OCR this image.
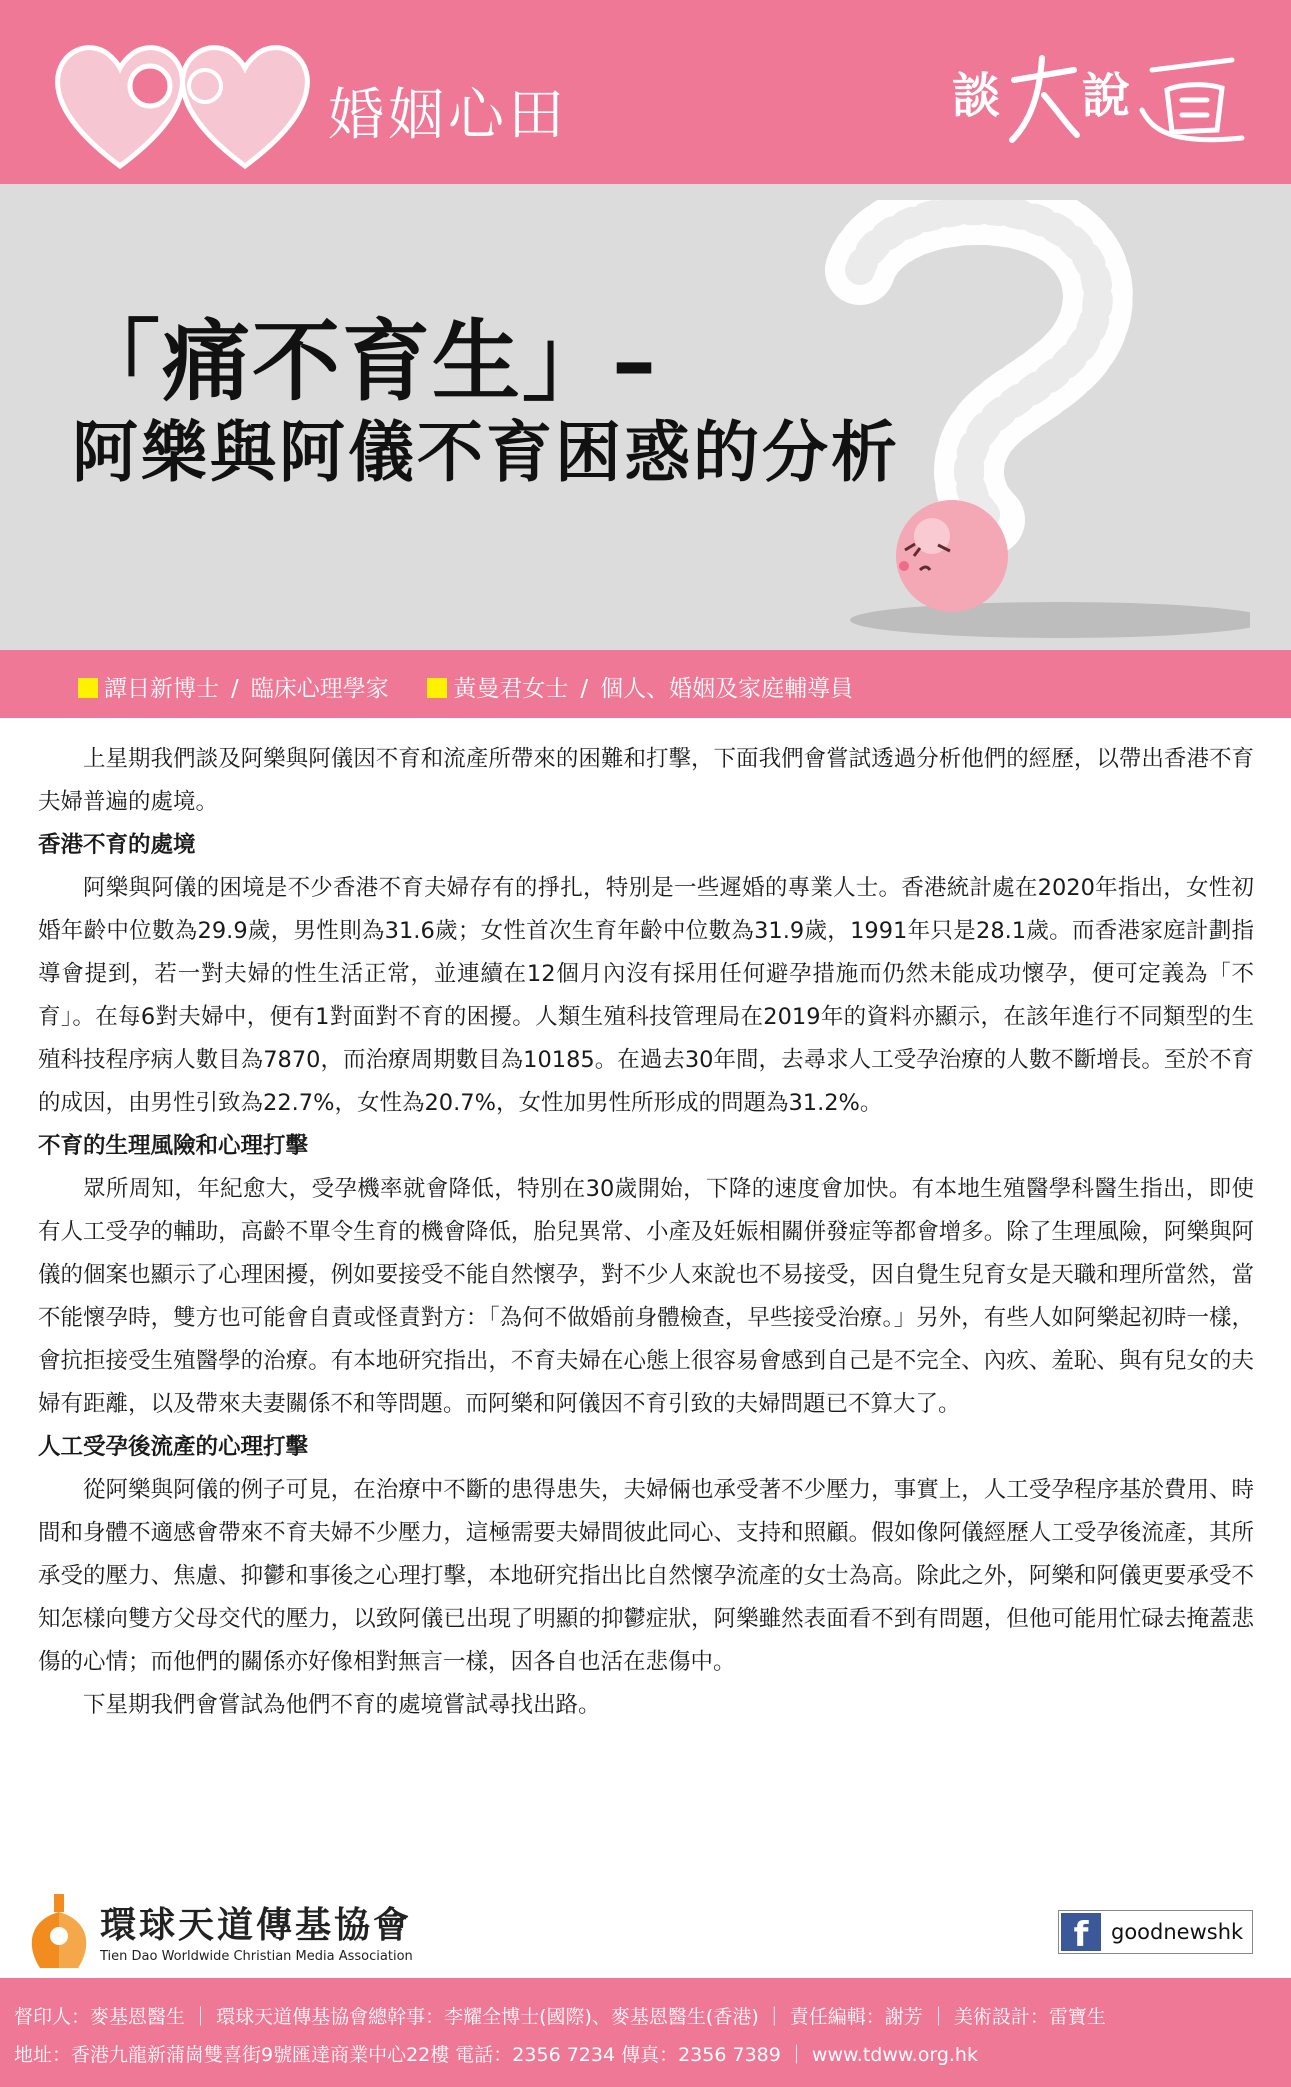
婚姻心田	談 說
「痛不育生」–
阿樂與阿儀不育困惑的分析
譚日新博士 / 臨床心理學家	黃曼君女士 / 個人、婚姻及家庭輔導員

上星期我們談及阿樂與阿儀因不育和流產所帶來的困難和打擊，下面我們會嘗試透過分析他們的經歷，以帶出香港不育夫婦普遍的處境。

香港不育的處境

阿樂與阿儀的困境是不少香港不育夫婦存有的掙扎，特別是一些遲婚的專業人士。香港統計處在2020年指出，女性初婚年齡中位數為29.9歲，男性則為31.6歲；女性首次生育年齡中位數為31.9歲，1991年只是28.1歲。而香港家庭計劃指導會提到，若一對夫婦的性生活正常，並連續在12個月內沒有採用任何避孕措施而仍然未能成功懷孕，便可定義為「不育」。在每6對夫婦中，便有1對面對不育的困擾。人類生殖科技管理局在2019年的資料亦顯示，在該年進行不同類型的生殖科技程序病人數目為7870，而治療周期數目為10185。在過去30年間，去尋求人工受孕治療的人數不斷增長。至於不育的成因，由男性引致為22.7%，女性為20.7%，女性加男性所形成的問題為31.2%。

不育的生理風險和心理打擊

眾所周知，年紀愈大，受孕機率就會降低，特別在30歲開始，下降的速度會加快。有本地生殖醫學科醫生指出，即使有人工受孕的輔助，高齡不單令生育的機會降低，胎兒異常、小產及妊娠相關併發症等都會增多。除了生理風險，阿樂與阿儀的個案也顯示了心理困擾，例如要接受不能自然懷孕，對不少人來說也不易接受，因自覺生兒育女是天職和理所當然，當不能懷孕時，雙方也可能會自責或怪責對方：「為何不做婚前身體檢查，早些接受治療。」另外，有些人如阿樂起初時一樣，會抗拒接受生殖醫學的治療。有本地研究指出，不育夫婦在心態上很容易會感到自己是不完全、內疚、羞恥、與有兒女的夫婦有距離，以及帶來夫妻關係不和等問題。而阿樂和阿儀因不育引致的夫婦問題已不算大了。

人工受孕後流產的心理打擊

從阿樂與阿儀的例子可見，在治療中不斷的患得患失，夫婦倆也承受著不少壓力，事實上，人工受孕程序基於費用、時間和身體不適感會帶來不育夫婦不少壓力，這極需要夫婦間彼此同心、支持和照顧。假如像阿儀經歷人工受孕後流產，其所承受的壓力、焦慮、抑鬱和事後之心理打擊，本地研究指出比自然懷孕流產的女士為高。除此之外，阿樂和阿儀更要承受不知怎樣向雙方父母交代的壓力，以致阿儀已出現了明顯的抑鬱症狀，阿樂雖然表面看不到有問題，但他可能用忙碌去掩蓋悲傷的心情；而他們的關係亦好像相對無言一樣，因各自也活在悲傷中。

下星期我們會嘗試為他們不育的處境嘗試尋找出路。

環球天道傳基協會
Tien Dao Worldwide Christian Media Association
f	goodnewshk
督印人：麥基恩醫生 ｜ 環球天道傳基協會總幹事：李耀全博士(國際)、麥基恩醫生(香港) ｜ 責任編輯：謝芳 ｜ 美術設計：雷寶生
地址：香港九龍新蒲崗雙喜街9號匯達商業中心22樓 電話：2356 7234 傳真：2356 7389 ｜ www.tdww.org.hk
